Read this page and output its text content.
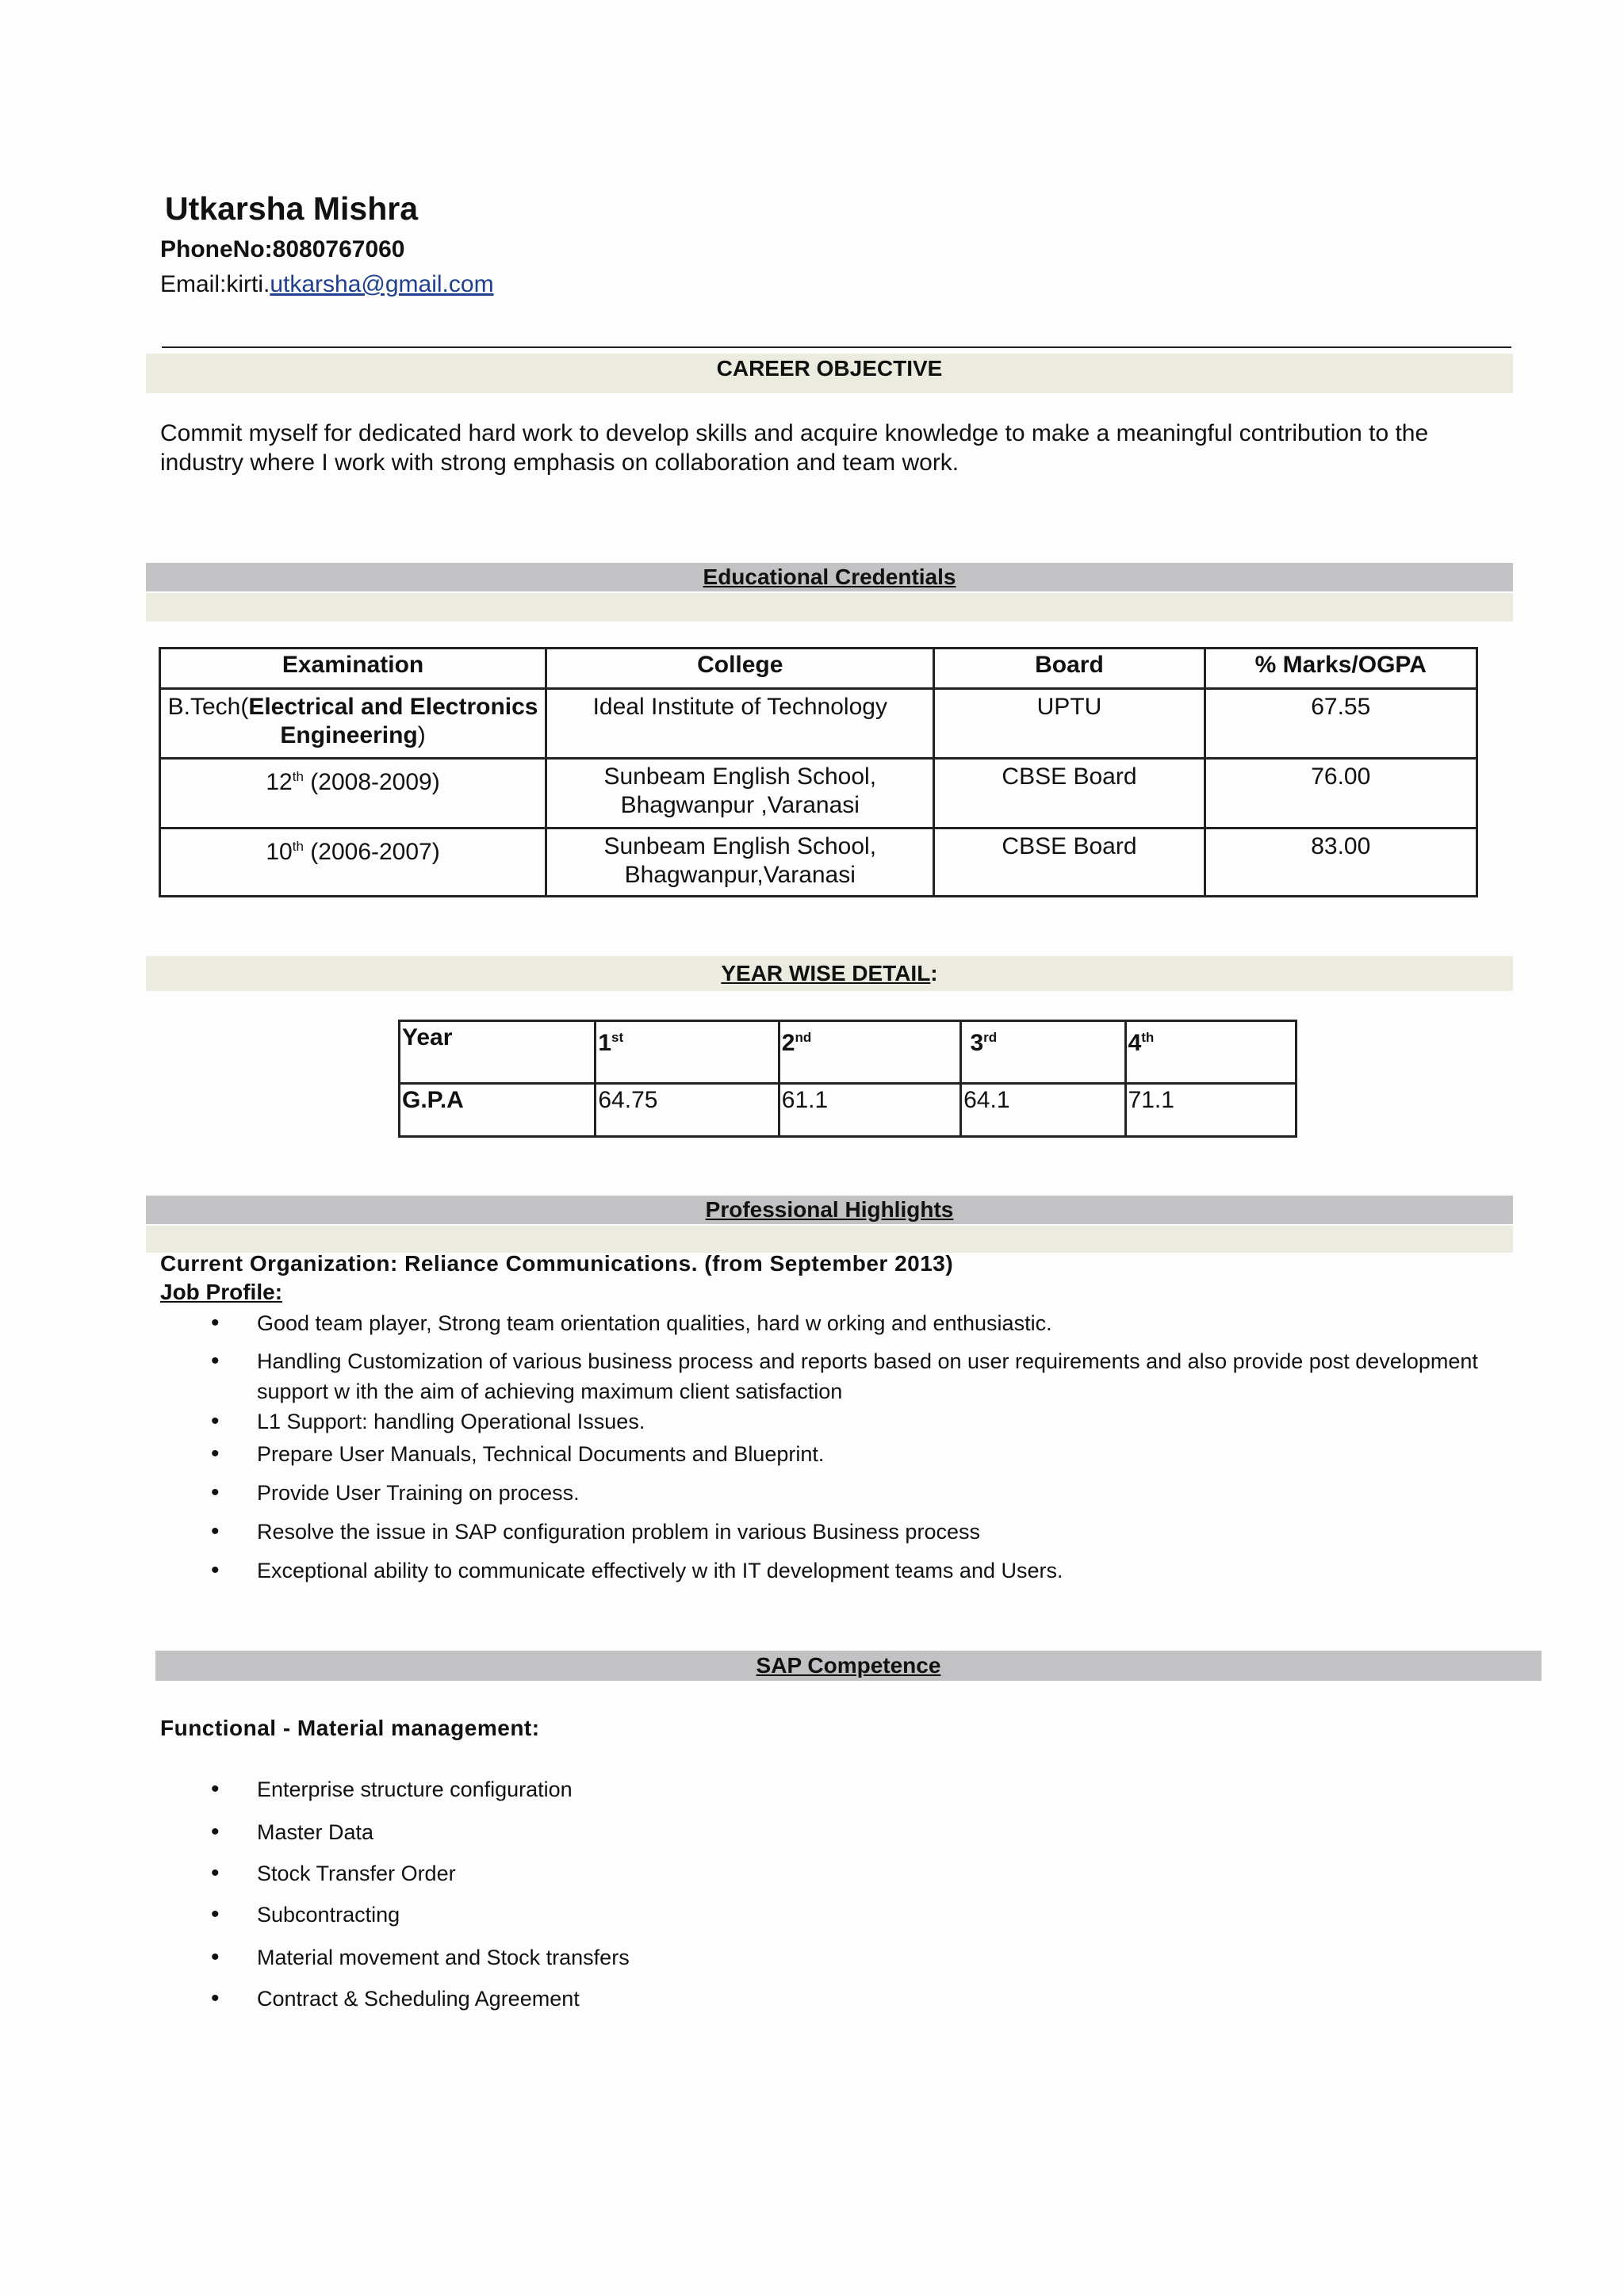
Utkarsha Mishra
PhoneNo:8080767060
Email:kirti.utkarsha@gmail.com
CAREER OBJECTIVE
Commit myself for dedicated hard work to develop skills and acquire knowledge to make a meaningful contribution to the industry where I work with strong emphasis on collaboration and team work.
Educational Credentials
Examination	College	Board	% Marks/OGPA
B.Tech(Electrical and Electronics Engineering)	Ideal Institute of Technology	UPTU	67.55
12th (2008-2009)	Sunbeam English School, Bhagwanpur ,Varanasi	CBSE Board	76.00
10th (2006-2007)	Sunbeam English School, Bhagwanpur,Varanasi	CBSE Board	83.00
YEAR WISE DETAIL:
Year	1st	2nd	3rd	4th
G.P.A	64.75	61.1	64.1	71.1
Professional Highlights
Current Organization: Reliance Communications. (from September 2013)
Job Profile:
• Good team player, Strong team orientation qualities, hard w orking and enthusiastic.
• Handling Customization of various business process and reports based on user requirements and also provide post development support w ith the aim of achieving maximum client satisfaction
• L1 Support: handling Operational Issues.
• Prepare User Manuals, Technical Documents and Blueprint.
• Provide User Training on process.
• Resolve the issue in SAP configuration problem in various Business process
• Exceptional ability to communicate effectively w ith IT development teams and Users.
SAP Competence
Functional - Material management:
• Enterprise structure configuration
• Master Data
• Stock Transfer Order
• Subcontracting
• Material movement and Stock transfers
• Contract & Scheduling Agreement
